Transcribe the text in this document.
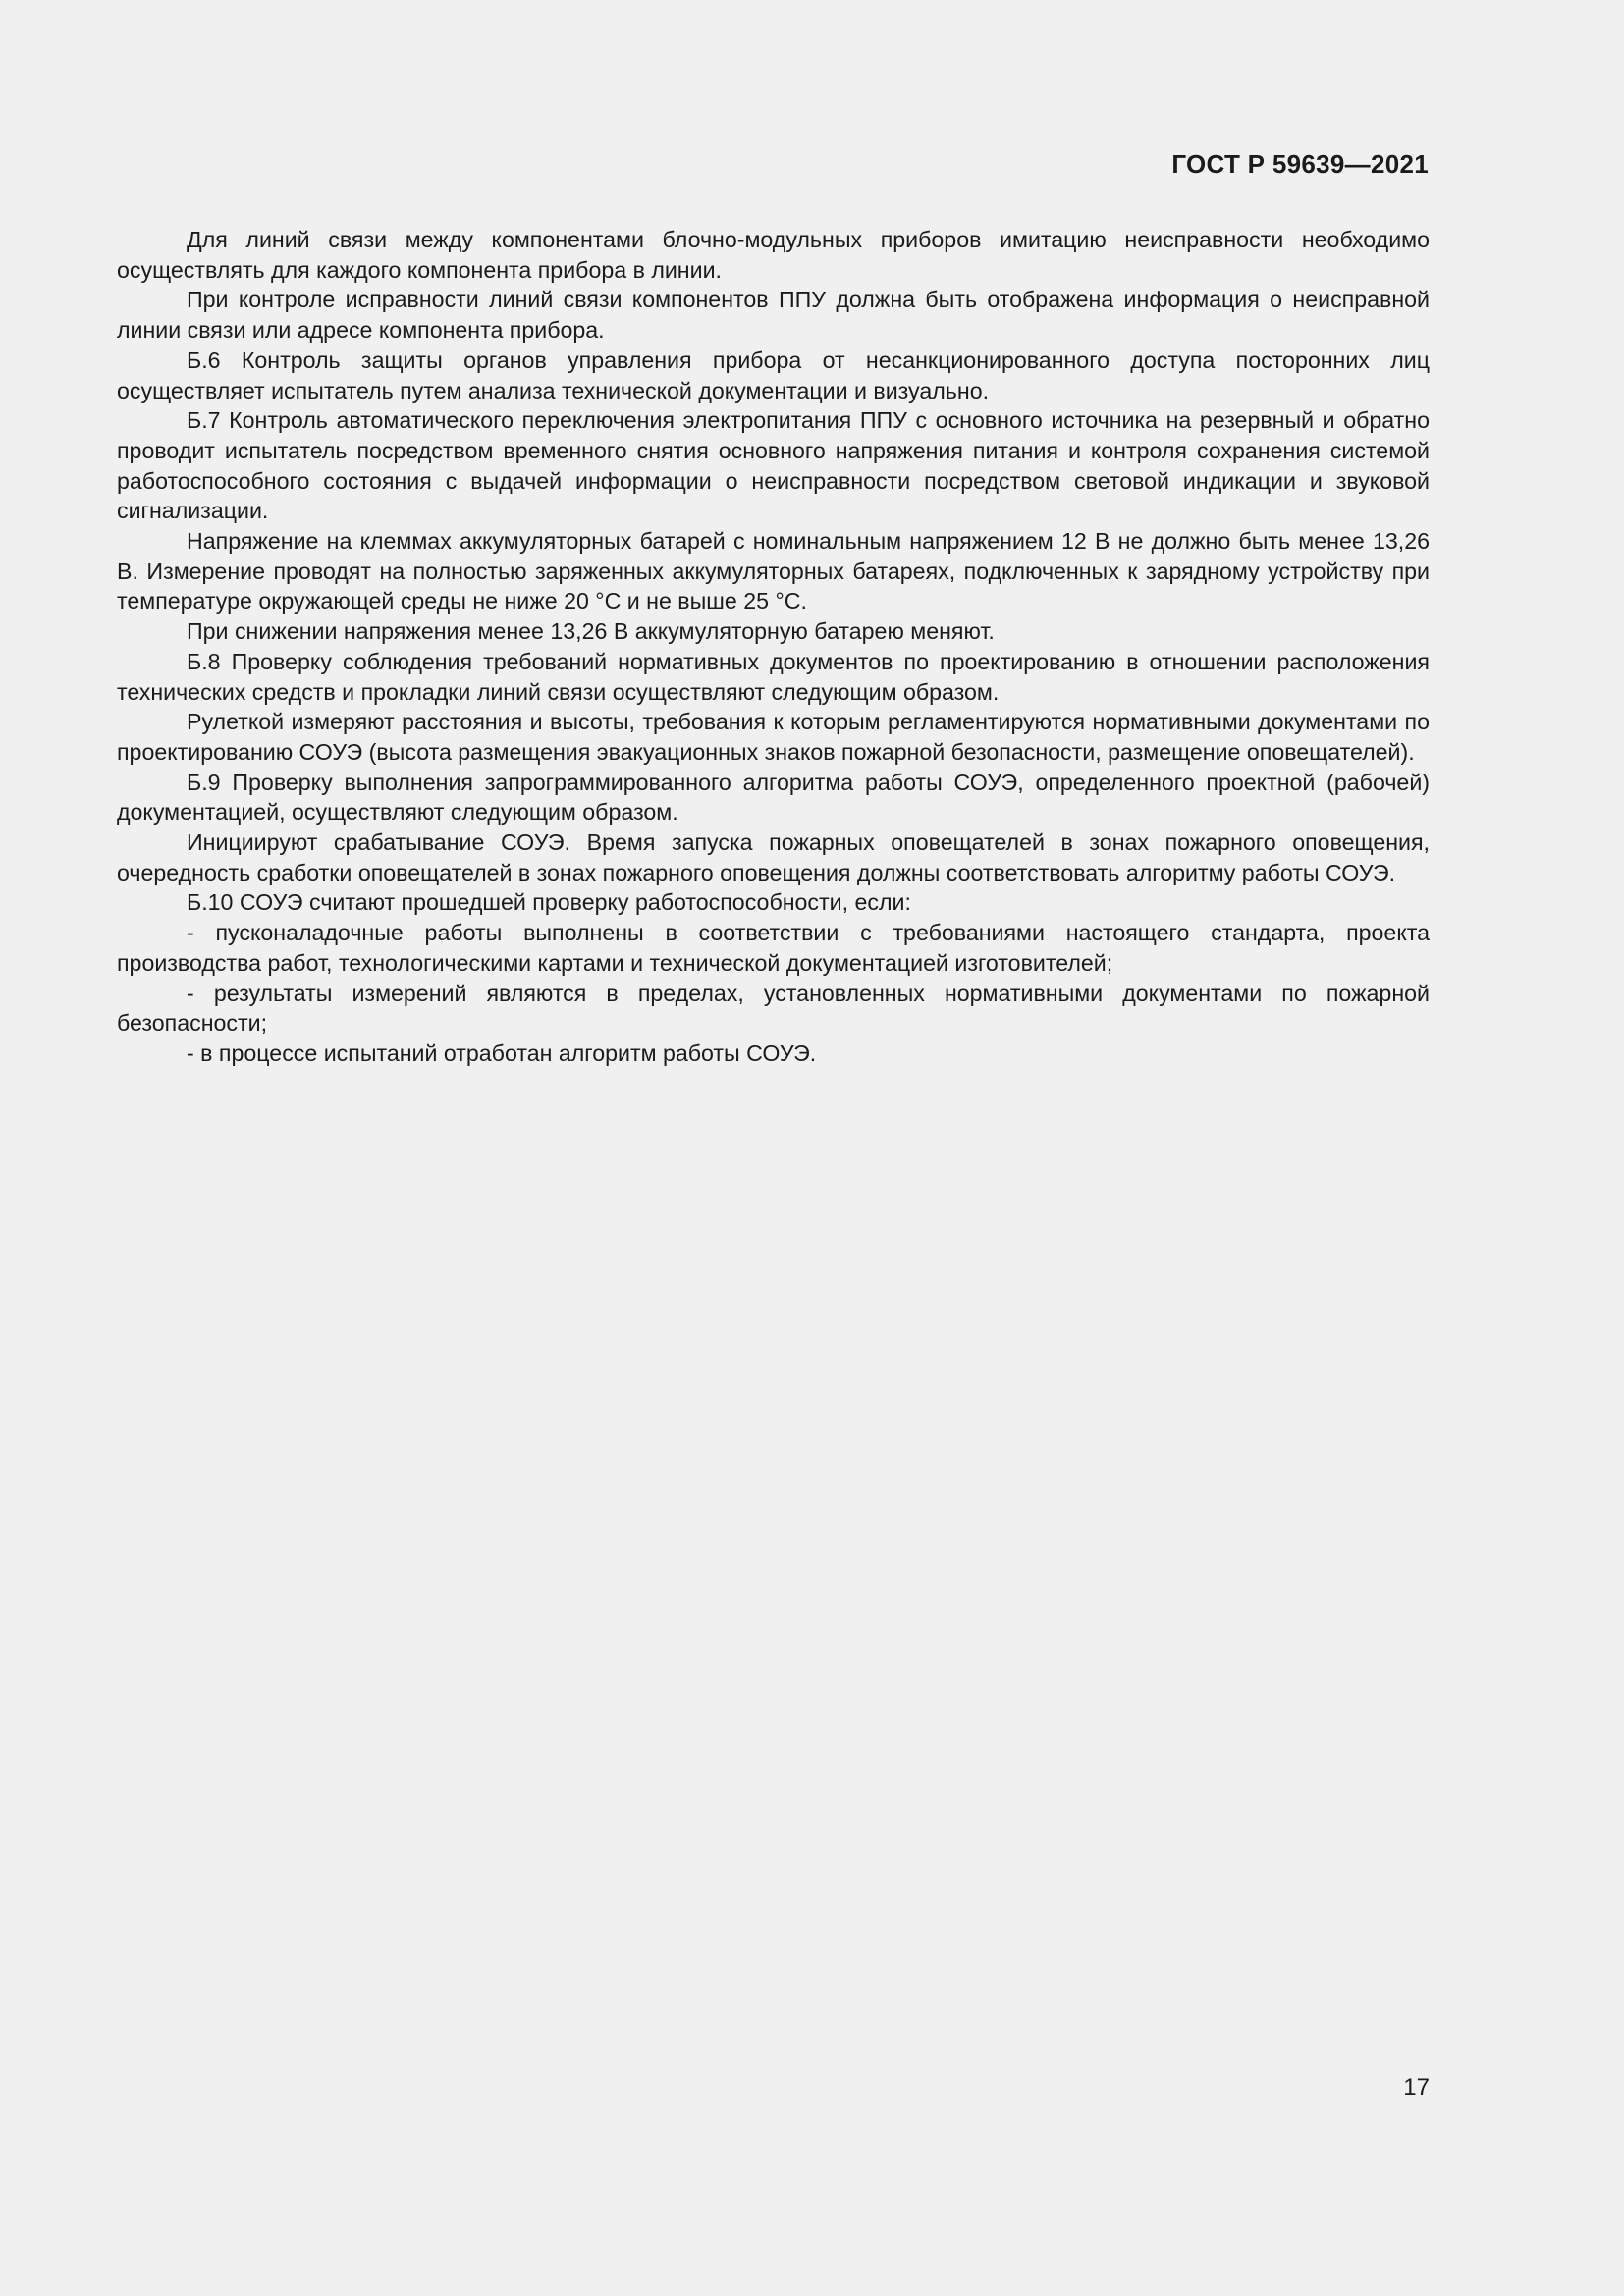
ГОСТ Р 59639—2021

Для линий связи между компонентами блочно-модульных приборов имитацию неисправности необходимо осуществлять для каждого компонента прибора в линии.

При контроле исправности линий связи компонентов ППУ должна быть отображена информация о неисправной линии связи или адресе компонента прибора.

Б.6 Контроль защиты органов управления прибора от несанкционированного доступа посторонних лиц осуществляет испытатель путем анализа технической документации и визуально.

Б.7 Контроль автоматического переключения электропитания ППУ с основного источника на резервный и обратно проводит испытатель посредством временного снятия основного напряжения питания и контроля сохранения системой работоспособного состояния с выдачей информации о неисправности посредством световой индикации и звуковой сигнализации.

Напряжение на клеммах аккумуляторных батарей с номинальным напряжением 12 В не должно быть менее 13,26 В. Измерение проводят на полностью заряженных аккумуляторных батареях, подключенных к зарядному устройству при температуре окружающей среды не ниже 20 °С и не выше 25 °С.

При снижении напряжения менее 13,26 В аккумуляторную батарею меняют.

Б.8 Проверку соблюдения требований нормативных документов по проектированию в отношении расположения технических средств и прокладки линий связи осуществляют следующим образом.

Рулеткой измеряют расстояния и высоты, требования к которым регламентируются нормативными документами по проектированию СОУЭ (высота размещения эвакуационных знаков пожарной безопасности, размещение оповещателей).

Б.9 Проверку выполнения запрограммированного алгоритма работы СОУЭ, определенного проектной (рабочей) документацией, осуществляют следующим образом.

Инициируют срабатывание СОУЭ. Время запуска пожарных оповещателей в зонах пожарного оповещения, очередность сработки оповещателей в зонах пожарного оповещения должны соответствовать алгоритму работы СОУЭ.

Б.10 СОУЭ считают прошедшей проверку работоспособности, если:

- пусконаладочные работы выполнены в соответствии с требованиями настоящего стандарта, проекта производства работ, технологическими картами и технической документацией изготовителей;

- результаты измерений являются в пределах, установленных нормативными документами по пожарной безопасности;

- в процессе испытаний отработан алгоритм работы СОУЭ.

17
